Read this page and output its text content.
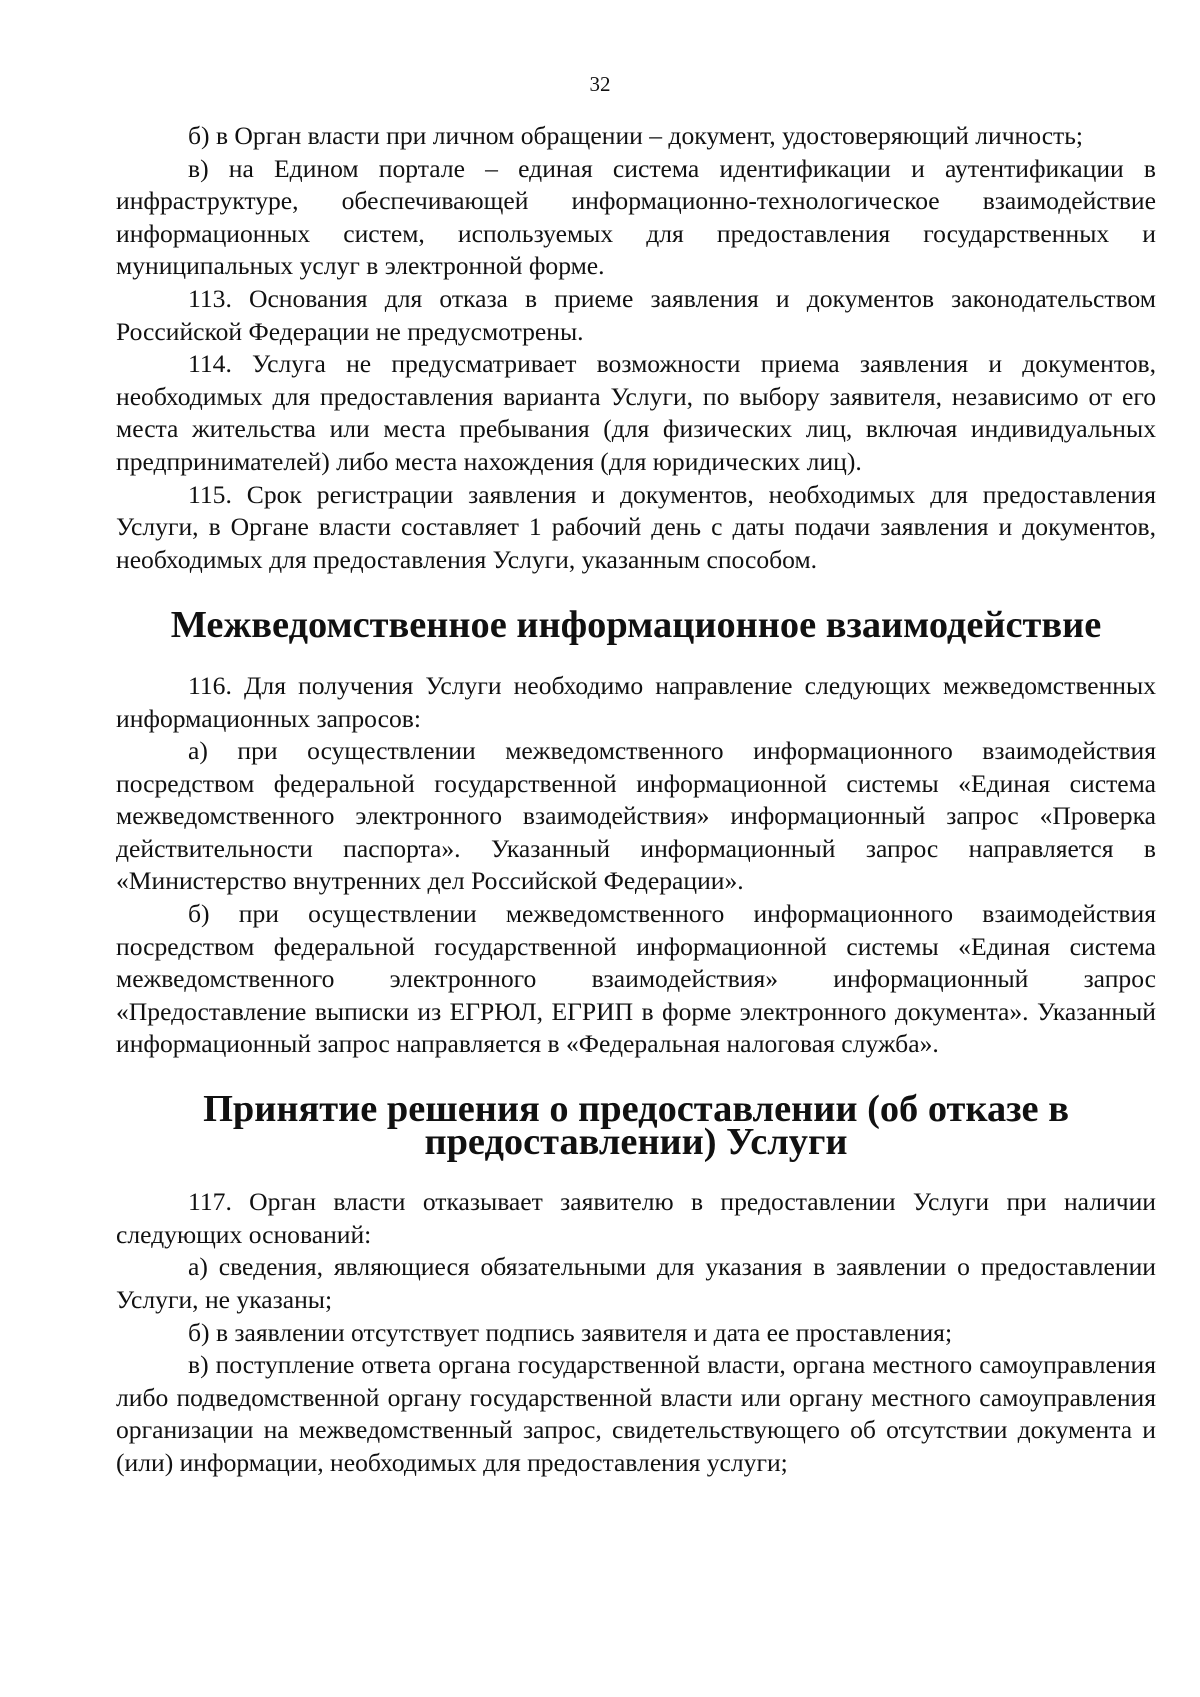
32

б) в Орган власти при личном обращении – документ, удостоверяющий личность;

в) на Едином портале – единая система идентификации и аутентификации в инфраструктуре, обеспечивающей информационно-технологическое взаимодействие информационных систем, используемых для предоставления государственных и муниципальных услуг в электронной форме.

113. Основания для отказа в приеме заявления и документов законодательством Российской Федерации не предусмотрены.

114. Услуга не предусматривает возможности приема заявления и документов, необходимых для предоставления варианта Услуги, по выбору заявителя, независимо от его места жительства или места пребывания (для физических лиц, включая индивидуальных предпринимателей) либо места нахождения (для юридических лиц).

115. Срок регистрации заявления и документов, необходимых для предоставления Услуги, в Органе власти составляет 1 рабочий день с даты подачи заявления и документов, необходимых для предоставления Услуги, указанным способом.

Межведомственное информационное взаимодействие

116. Для получения Услуги необходимо направление следующих межведомственных информационных запросов:

а) при осуществлении межведомственного информационного взаимодействия посредством федеральной государственной информационной системы «Единая система межведомственного электронного взаимодействия» информационный запрос «Проверка действительности паспорта». Указанный информационный запрос направляется в «Министерство внутренних дел Российской Федерации».

б) при осуществлении межведомственного информационного взаимодействия посредством федеральной государственной информационной системы «Единая система межведомственного электронного взаимодействия» информационный запрос «Предоставление выписки из ЕГРЮЛ, ЕГРИП в форме электронного документа». Указанный информационный запрос направляется в «Федеральная налоговая служба».

Принятие решения о предоставлении (об отказе в предоставлении) Услуги

117. Орган власти отказывает заявителю в предоставлении Услуги при наличии следующих оснований:

а) сведения, являющиеся обязательными для указания в заявлении о предоставлении Услуги, не указаны;

б) в заявлении отсутствует подпись заявителя и дата ее проставления;

в) поступление ответа органа государственной власти, органа местного самоуправления либо подведомственной органу государственной власти или органу местного самоуправления организации на межведомственный запрос, свидетельствующего об отсутствии документа и (или) информации, необходимых для предоставления услуги;
